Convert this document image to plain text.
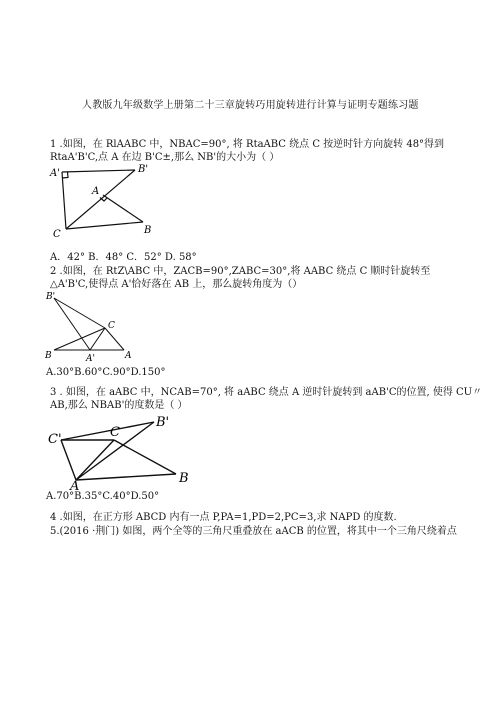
人教版九年级数学上册第二十三章旋转巧用旋转进行计算与证明专题练习题
1 .如图，在 RlAABC 中，NBAC=90°, 将 RtaABC 绕点 C 按逆时针方向旋转 48°得到
RtaA'B'C,点 A 在边 B'C±,那么 NB'的大小为（ ）
A'	B'
A
C	B
A．42° B．48° C．52° D. 58°
2 .如图，在 RtZ\ABC 中，ZACB=90°,ZABC=30°,将 AABC 绕点 C 顺时针旋转至
△A'B'C,使得点 A'恰好落在 AB 上，那么旋转角度为（）
B'
C
B	A'	A
A.30°B.60°C.90°D.150°
3 . 如图，在 aABC 中，NCAB=70°, 将 aABC 绕点 A 逆时针旋转到 aAB'C的位置, 使得 CU〃
AB,那么 NBAB'的度数是（ ）
C'	C
B'
A
B
A.70°B.35°C.40°D.50°
4 .如图，在正方形 ABCD 内有一点 P,PA=1,PD=2,PC=3,求 NAPD 的度数.
5.(2016 ·荆门) 如图，两个全等的三角尺重叠放在 aACB 的位置，将其中一个三角尺绕着点
